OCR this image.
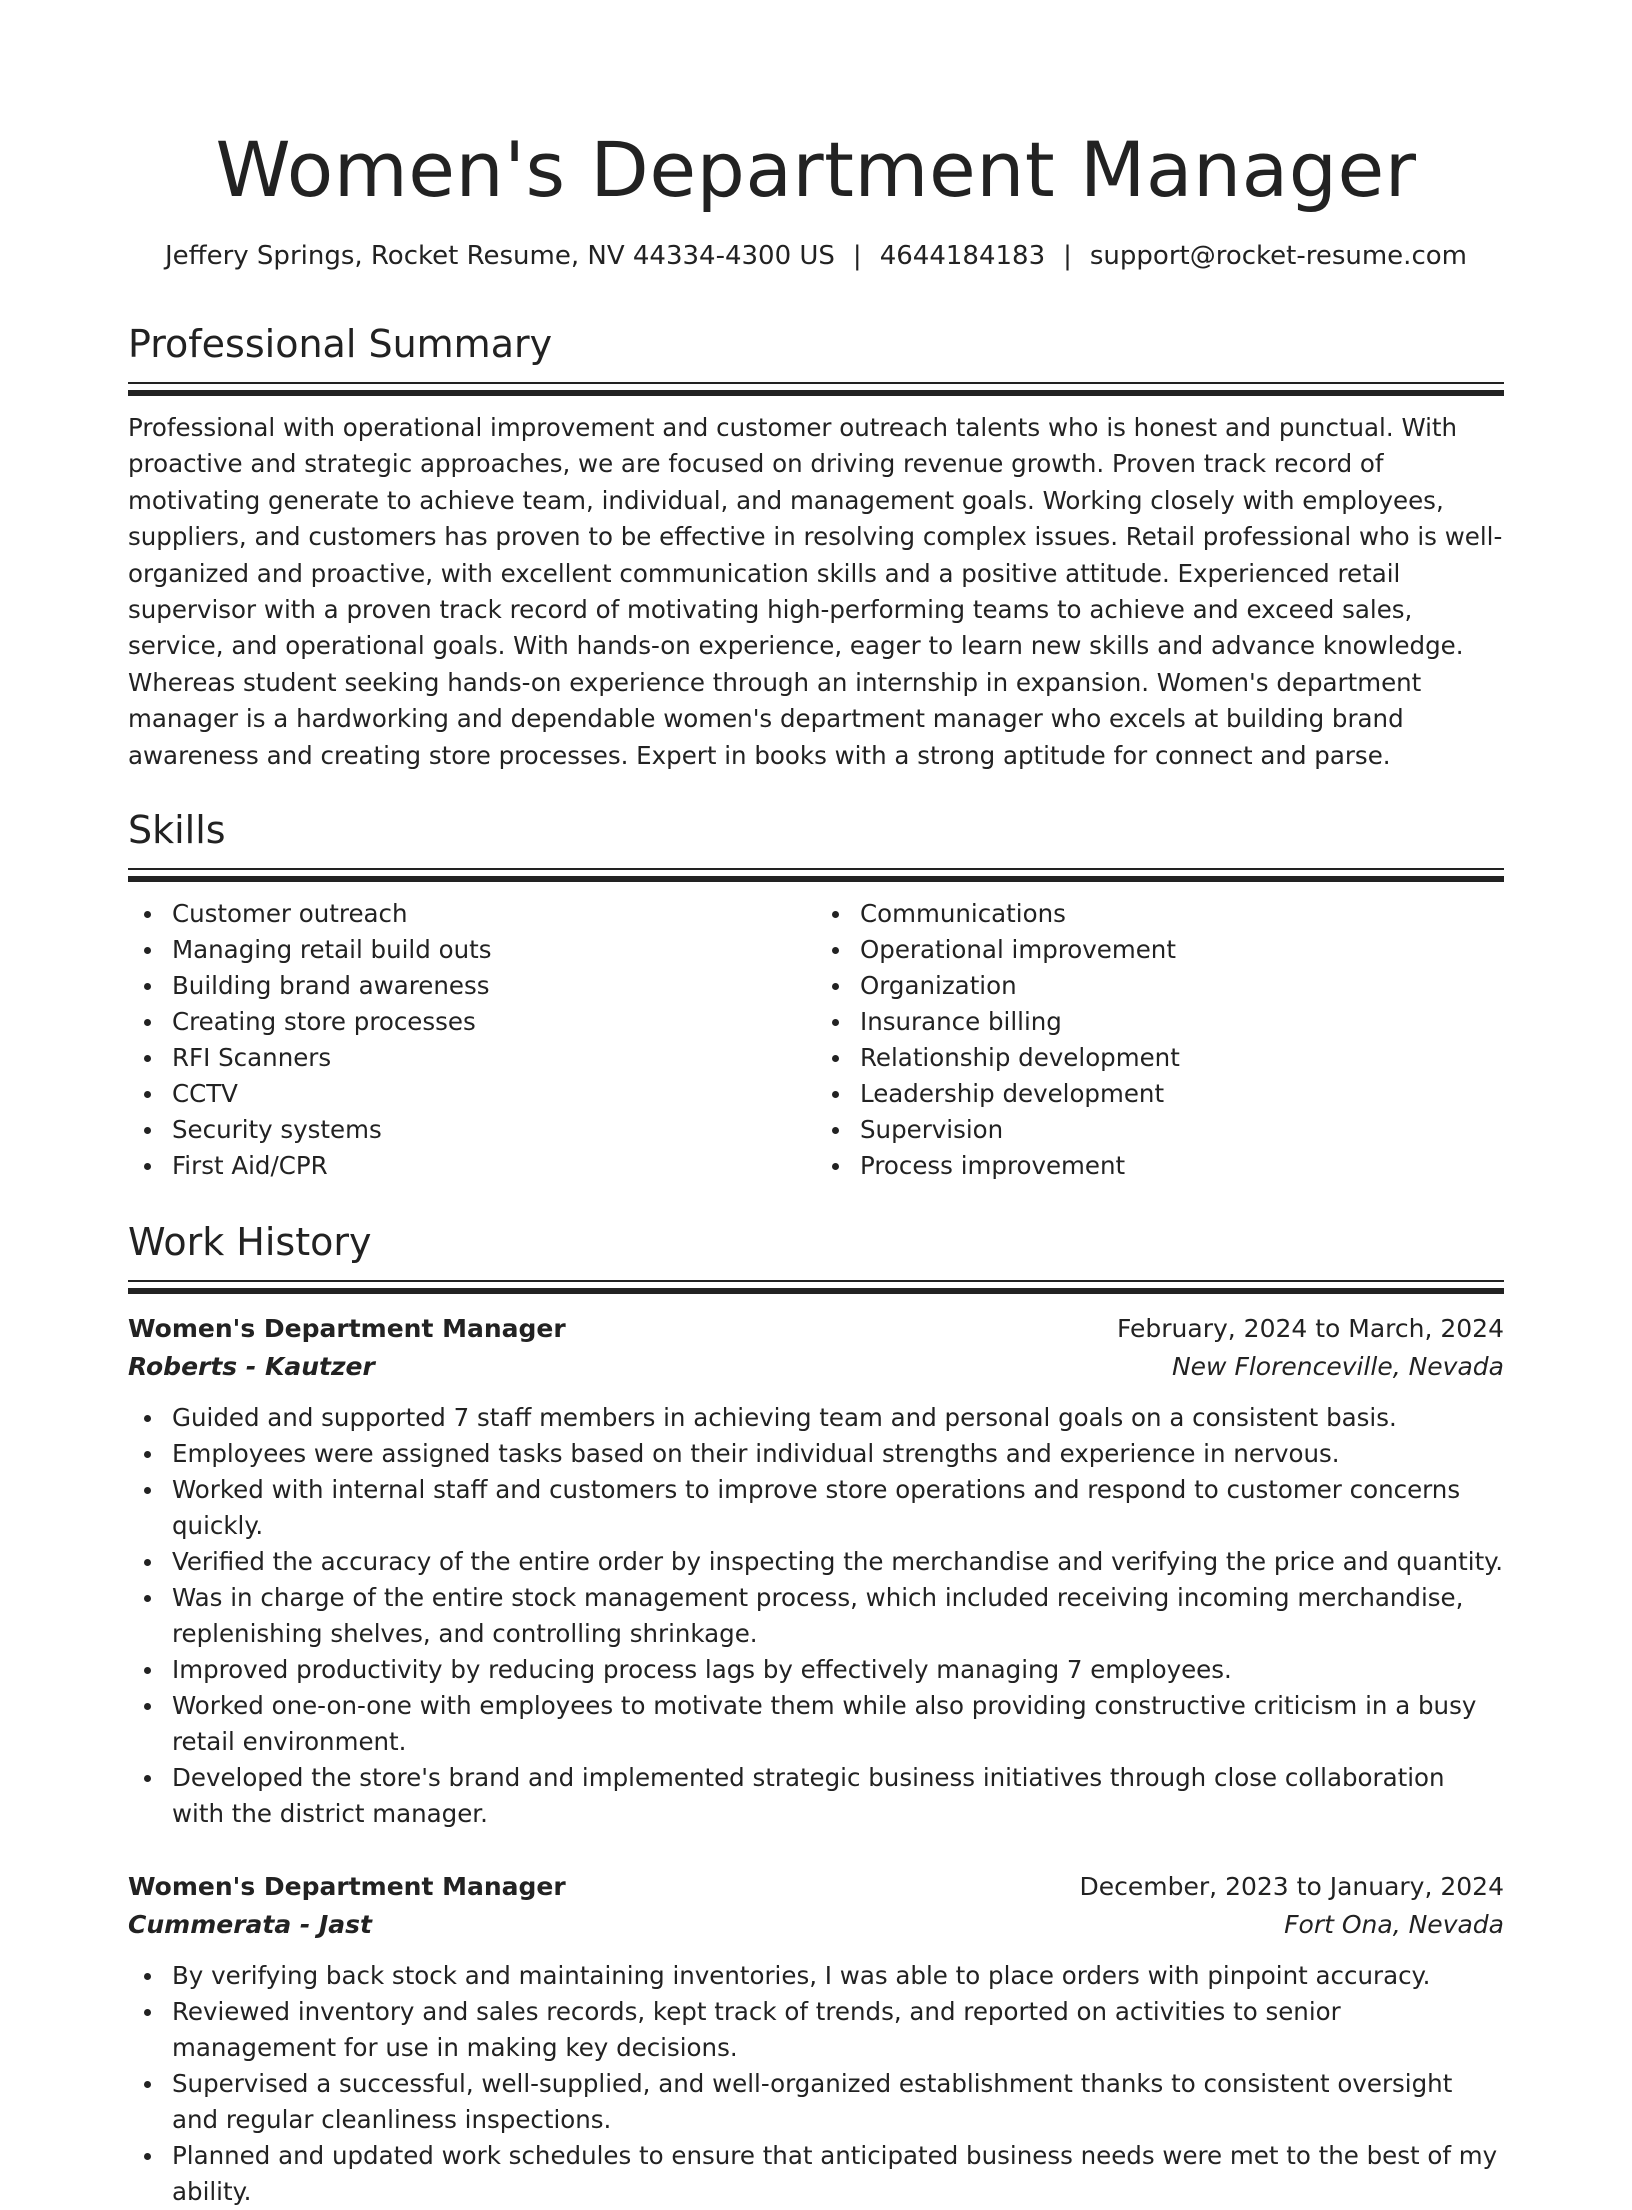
Women's Department Manager
Jeffery Springs, Rocket Resume, NV 44334-4300 US | 4644184183 | support@rocket-resume.com
Professional Summary

Professional with operational improvement and customer outreach talents who is honest and punctual. With proactive and strategic approaches, we are focused on driving revenue growth. Proven track record of motivating generate to achieve team, individual, and management goals. Working closely with employees, suppliers, and customers has proven to be effective in resolving complex issues. Retail professional who is well-organized and proactive, with excellent communication skills and a positive attitude. Experienced retail supervisor with a proven track record of motivating high-performing teams to achieve and exceed sales, service, and operational goals. With hands-on experience, eager to learn new skills and advance knowledge. Whereas student seeking hands-on experience through an internship in expansion. Women's department manager is a hardworking and dependable women's department manager who excels at building brand awareness and creating store processes. Expert in books with a strong aptitude for connect and parse.

Skills
Customer outreach
Managing retail build outs
Building brand awareness
Creating store processes
RFI Scanners
CCTV
Security systems
First Aid/CPR
Communications
Operational improvement
Organization
Insurance billing
Relationship development
Leadership development
Supervision
Process improvement
Work History
Women's Department Manager	February, 2024 to March, 2024
Roberts - Kautzer	New Florenceville, Nevada
Guided and supported 7 staff members in achieving team and personal goals on a consistent basis.
Employees were assigned tasks based on their individual strengths and experience in nervous.
Worked with internal staff and customers to improve store operations and respond to customer concerns quickly.
Verified the accuracy of the entire order by inspecting the merchandise and verifying the price and quantity.
Was in charge of the entire stock management process, which included receiving incoming merchandise, replenishing shelves, and controlling shrinkage.
Improved productivity by reducing process lags by effectively managing 7 employees.
Worked one-on-one with employees to motivate them while also providing constructive criticism in a busy retail environment.
Developed the store's brand and implemented strategic business initiatives through close collaboration with the district manager.
Women's Department Manager	December, 2023 to January, 2024
Cummerata - Jast	Fort Ona, Nevada
By verifying back stock and maintaining inventories, I was able to place orders with pinpoint accuracy.
Reviewed inventory and sales records, kept track of trends, and reported on activities to senior management for use in making key decisions.
Supervised a successful, well-supplied, and well-organized establishment thanks to consistent oversight and regular cleanliness inspections.
Planned and updated work schedules to ensure that anticipated business needs were met to the best of my ability.
